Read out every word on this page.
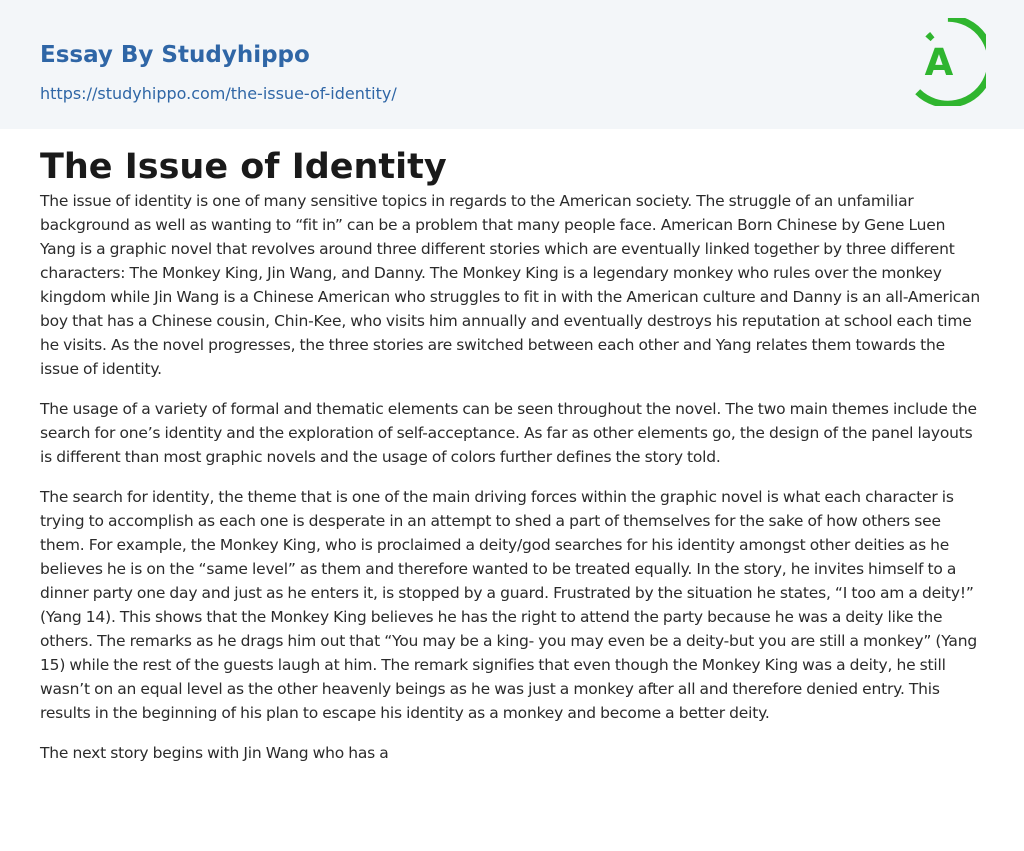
Essay By Studyhippo
https://studyhippo.com/the-issue-of-identity/
A
The Issue of Identity

The issue of identity is one of many sensitive topics in regards to the American society. The struggle of an unfamiliar background as well as wanting to “fit in” can be a problem that many people face. American Born Chinese by Gene Luen Yang is a graphic novel that revolves around three different stories which are eventually linked together by three different characters: The Monkey King, Jin Wang, and Danny. The Monkey King is a legendary monkey who rules over the monkey kingdom while Jin Wang is a Chinese American who struggles to fit in with the American culture and Danny is an all-American boy that has a Chinese cousin, Chin-Kee, who visits him annually and eventually destroys his reputation at school each time he visits. As the novel progresses, the three stories are switched between each other and Yang relates them towards the issue of identity.

The usage of a variety of formal and thematic elements can be seen throughout the novel. The two main themes include the search for one’s identity and the exploration of self-acceptance. As far as other elements go, the design of the panel layouts is different than most graphic novels and the usage of colors further defines the story told.

The search for identity, the theme that is one of the main driving forces within the graphic novel is what each character is trying to accomplish as each one is desperate in an attempt to shed a part of themselves for the sake of how others see them. For example, the Monkey King, who is proclaimed a deity/god searches for his identity amongst other deities as he believes he is on the “same level” as them and therefore wanted to be treated equally. In the story, he invites himself to a dinner party one day and just as he enters it, is stopped by a guard. Frustrated by the situation he states, “I too am a deity!” (Yang 14). This shows that the Monkey King believes he has the right to attend the party because he was a deity like the others. The remarks as he drags him out that “You may be a king- you may even be a deity-but you are still a monkey” (Yang 15) while the rest of the guests laugh at him. The remark signifies that even though the Monkey King was a deity, he still wasn’t on an equal level as the other heavenly beings as he was just a monkey after all and therefore denied entry. This results in the beginning of his plan to escape his identity as a monkey and become a better deity.

The next story begins with Jin Wang who has a
